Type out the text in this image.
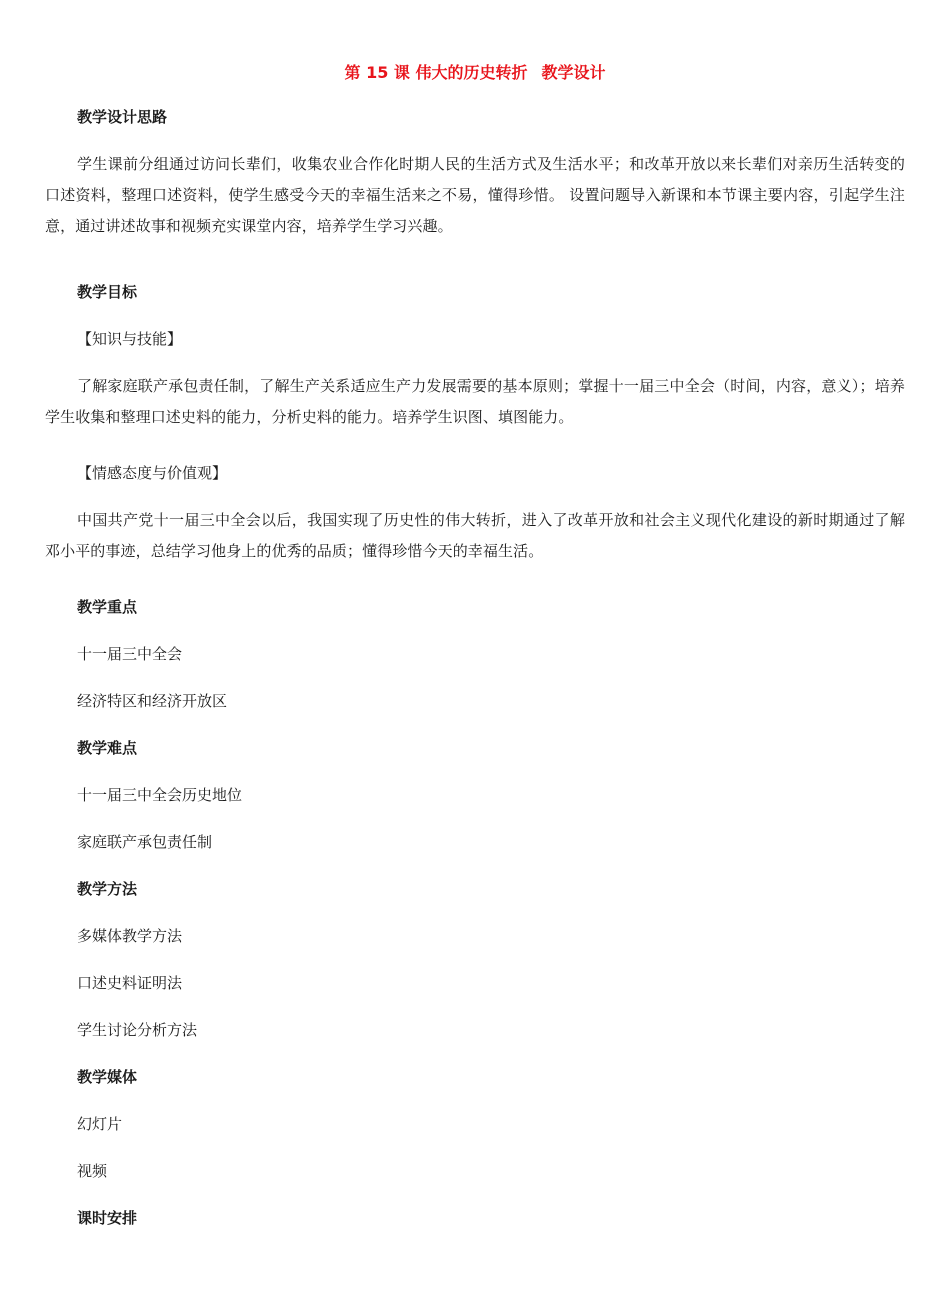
第 15 课 伟大的历史转折 教学设计
教学设计思路
学生课前分组通过访问长辈们，收集农业合作化时期人民的生活方式及生活水平；和改革开放以来长辈们对亲历生活转变的口述资料，整理口述资料，使学生感受今天的幸福生活来之不易，懂得珍惜。 设置问题导入新课和本节课主要内容，引起学生注意，通过讲述故事和视频充实课堂内容，培养学生学习兴趣。
教学目标
【知识与技能】
了解家庭联产承包责任制，了解生产关系适应生产力发展需要的基本原则；掌握十一届三中全会（时间，内容，意义）；培养学生收集和整理口述史料的能力，分析史料的能力。培养学生识图、填图能力。
【情感态度与价值观】
中国共产党十一届三中全会以后，我国实现了历史性的伟大转折，进入了改革开放和社会主义现代化建设的新时期通过了解邓小平的事迹，总结学习他身上的优秀的品质；懂得珍惜今天的幸福生活。
教学重点
十一届三中全会
经济特区和经济开放区
教学难点
十一届三中全会历史地位
家庭联产承包责任制
教学方法
多媒体教学方法
口述史料证明法
学生讨论分析方法
教学媒体
幻灯片
视频
课时安排
